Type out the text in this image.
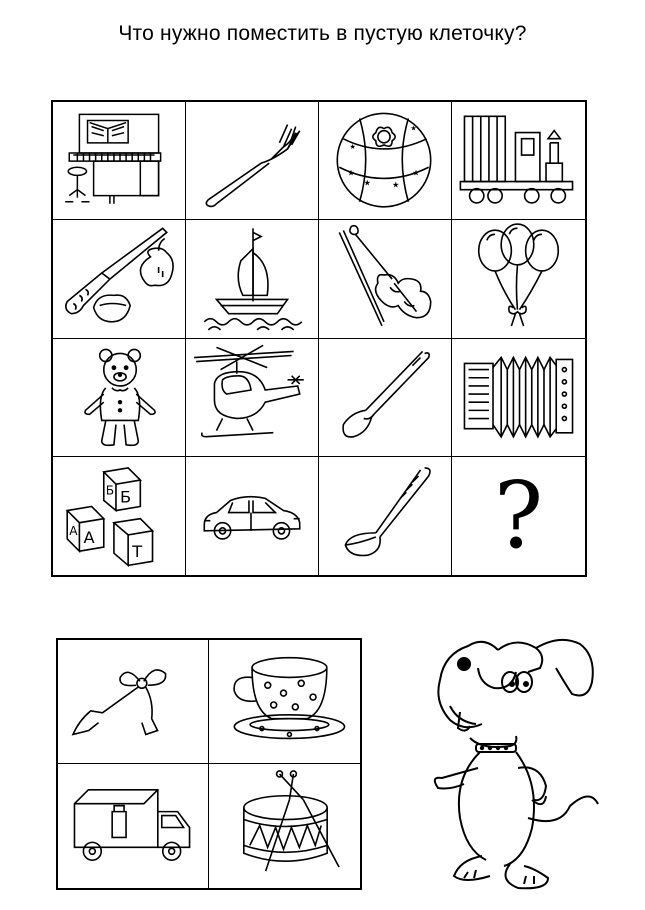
Что нужно поместить в пустую клеточку?
★
★	★
★
★
★
Б
Б
А
А
Т	?
